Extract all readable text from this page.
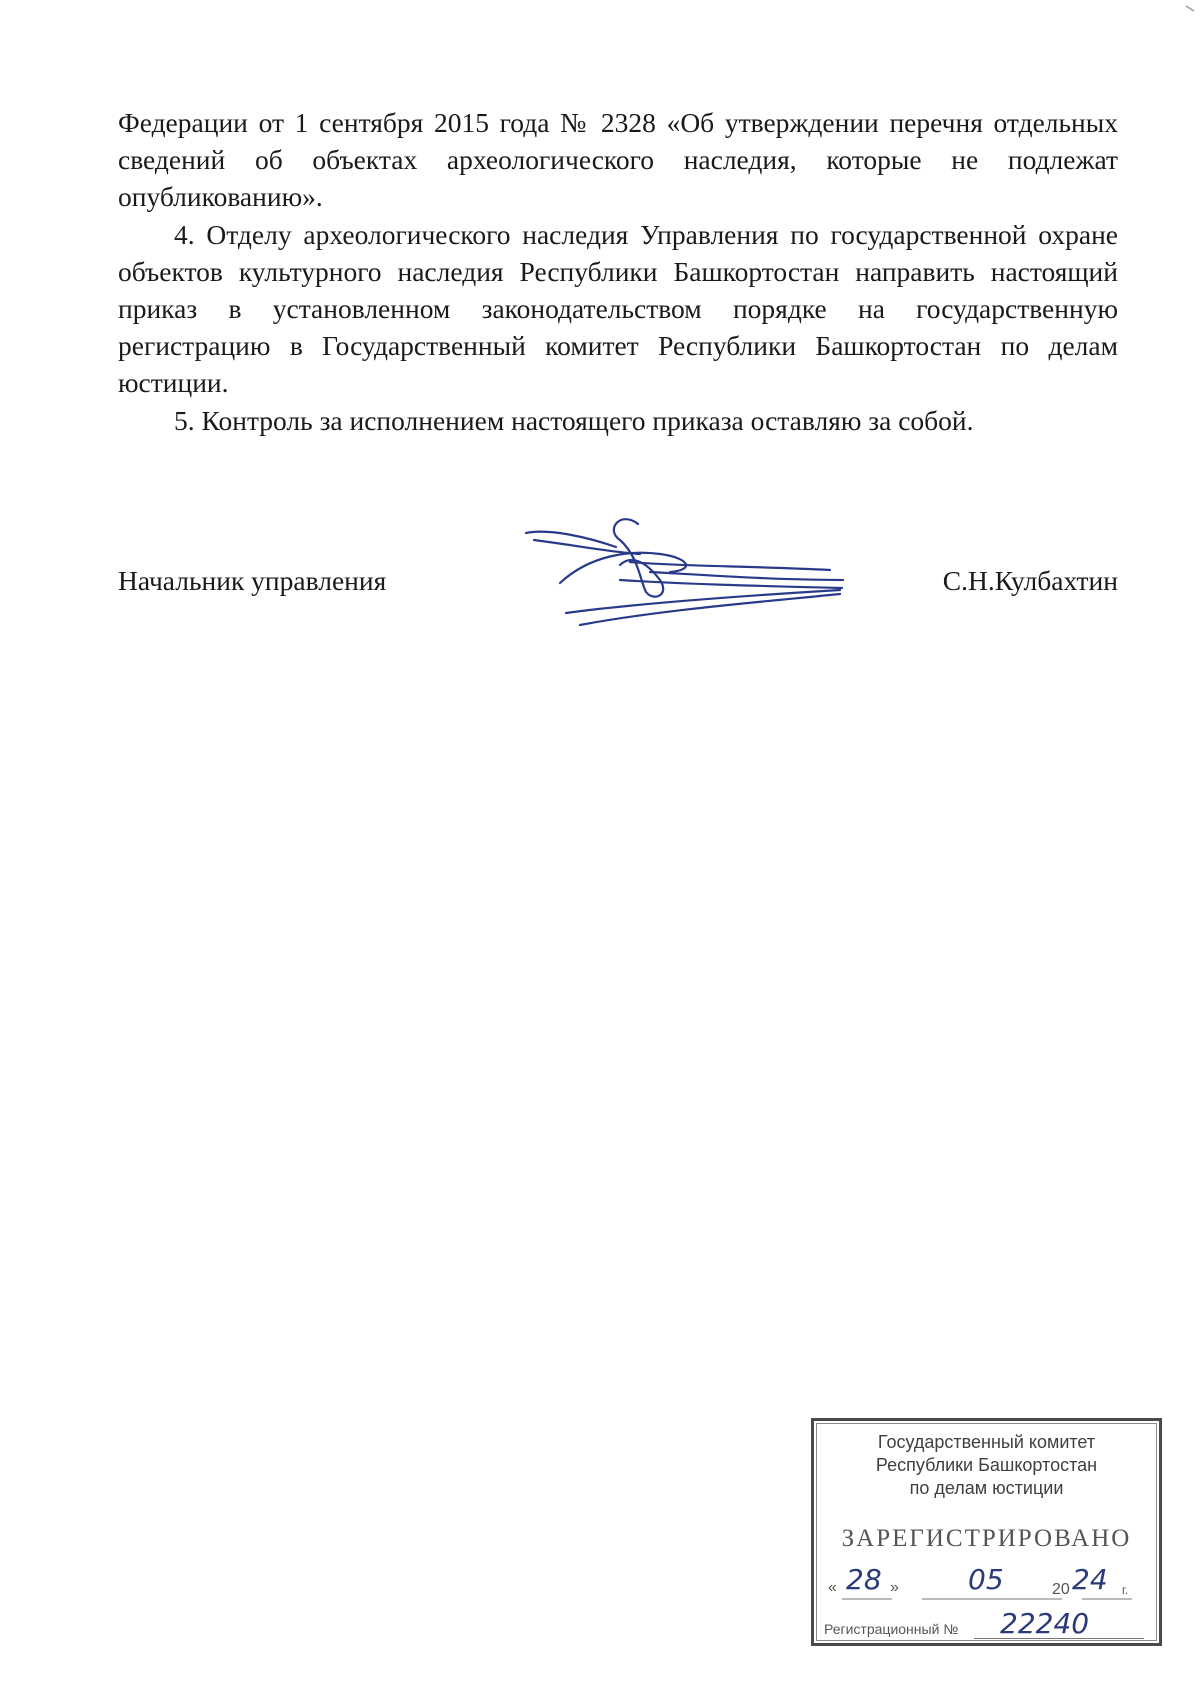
Федерации от 1 сентября 2015 года № 2328 «Об утверждении перечня отдельных сведений об объектах археологического наследия, которые не подлежат опубликованию».

4. Отделу археологического наследия Управления по государственной охране объектов культурного наследия Республики Башкортостан направить настоящий приказ в установленном законодательством порядке на государственную регистрацию в Государственный комитет Республики Башкортостан по делам юстиции.

5. Контроль за исполнением настоящего приказа оставляю за собой.

Начальник управления	С.Н.Кулбахтин
Государственный комитет
Республики Башкортостан
по делам юстиции
ЗАРЕГИСТРИРОВАНО
« 28 » 05	20 24 г.
Регистрационный № 22240
